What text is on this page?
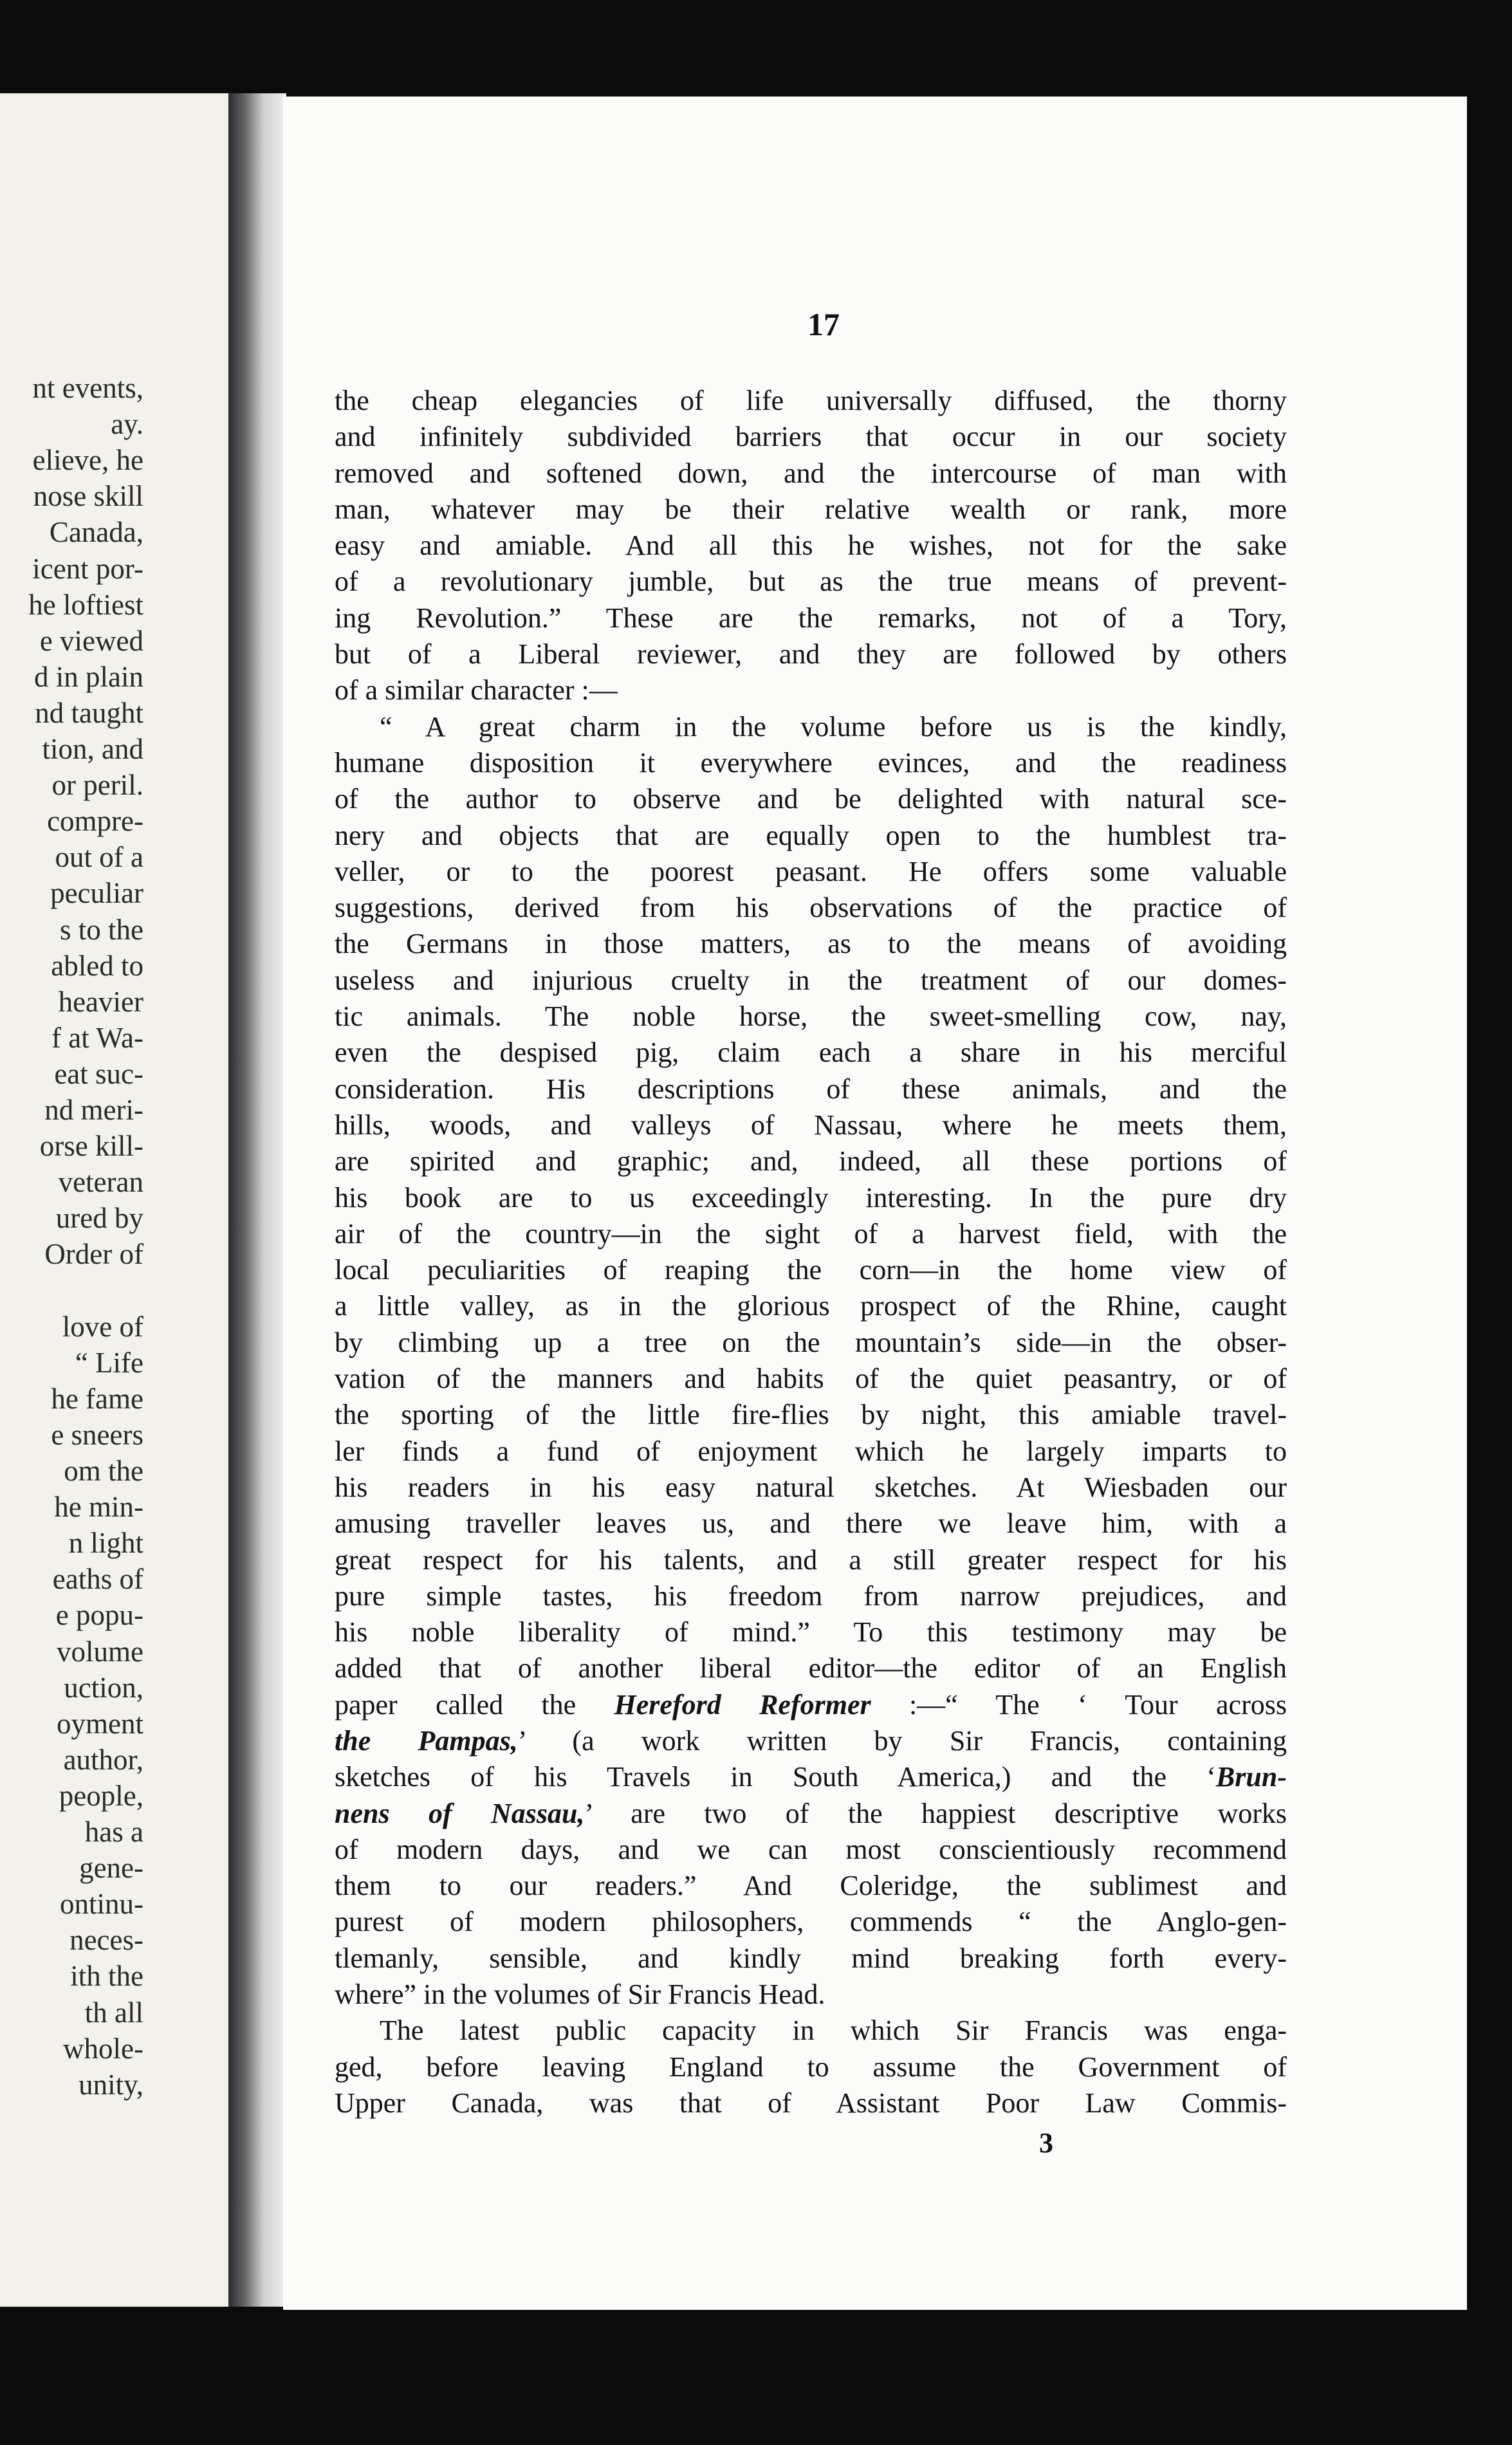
nt events,
ay.
elieve, he
nose skill
Canada,
icent por-
he loftiest
e viewed
d in plain
nd taught
tion, and
or peril.
compre-
out of a
peculiar
s to the
abled to
heavier
f at Wa-
eat suc-
nd meri-
orse kill-
veteran
ured by
Order of
love of
“ Life
he fame
e sneers
om the
he min-
n light
eaths of
e popu-
volume
uction,
oyment
author,
people,
has a
gene-
ontinu-
neces-
ith the
th all
whole-
unity,
17
the cheap elegancies of life universally diffused, the thorny
and infinitely subdivided barriers that occur in our society
removed and softened down, and the intercourse of man with
man, whatever may be their relative wealth or rank, more
easy and amiable. And all this he wishes, not for the sake
of a revolutionary jumble, but as the true means of prevent-
ing Revolution.” These are the remarks, not of a Tory,
but of a Liberal reviewer, and they are followed by others
of a similar character :—
“ A great charm in the volume before us is the kindly,
humane disposition it everywhere evinces, and the readiness
of the author to observe and be delighted with natural sce-
nery and objects that are equally open to the humblest tra-
veller, or to the poorest peasant. He offers some valuable
suggestions, derived from his observations of the practice of
the Germans in those matters, as to the means of avoiding
useless and injurious cruelty in the treatment of our domes-
tic animals. The noble horse, the sweet-smelling cow, nay,
even the despised pig, claim each a share in his merciful
consideration. His descriptions of these animals, and the
hills, woods, and valleys of Nassau, where he meets them,
are spirited and graphic; and, indeed, all these portions of
his book are to us exceedingly interesting. In the pure dry
air of the country—in the sight of a harvest field, with the
local peculiarities of reaping the corn—in the home view of
a little valley, as in the glorious prospect of the Rhine, caught
by climbing up a tree on the mountain’s side—in the obser-
vation of the manners and habits of the quiet peasantry, or of
the sporting of the little fire-flies by night, this amiable travel-
ler finds a fund of enjoyment which he largely imparts to
his readers in his easy natural sketches. At Wiesbaden our
amusing traveller leaves us, and there we leave him, with a
great respect for his talents, and a still greater respect for his
pure simple tastes, his freedom from narrow prejudices, and
his noble liberality of mind.” To this testimony may be
added that of another liberal editor—the editor of an English
paper called the Hereford Reformer :—“ The ‘ Tour across
the Pampas,’ (a work written by Sir Francis, containing
sketches of his Travels in South America,) and the ‘Brun-
nens of Nassau,’ are two of the happiest descriptive works
of modern days, and we can most conscientiously recommend
them to our readers.” And Coleridge, the sublimest and
purest of modern philosophers, commends “ the Anglo-gen-
tlemanly, sensible, and kindly mind breaking forth every-
where” in the volumes of Sir Francis Head.
The latest public capacity in which Sir Francis was enga-
ged, before leaving England to assume the Government of
Upper Canada, was that of Assistant Poor Law Commis-
3
